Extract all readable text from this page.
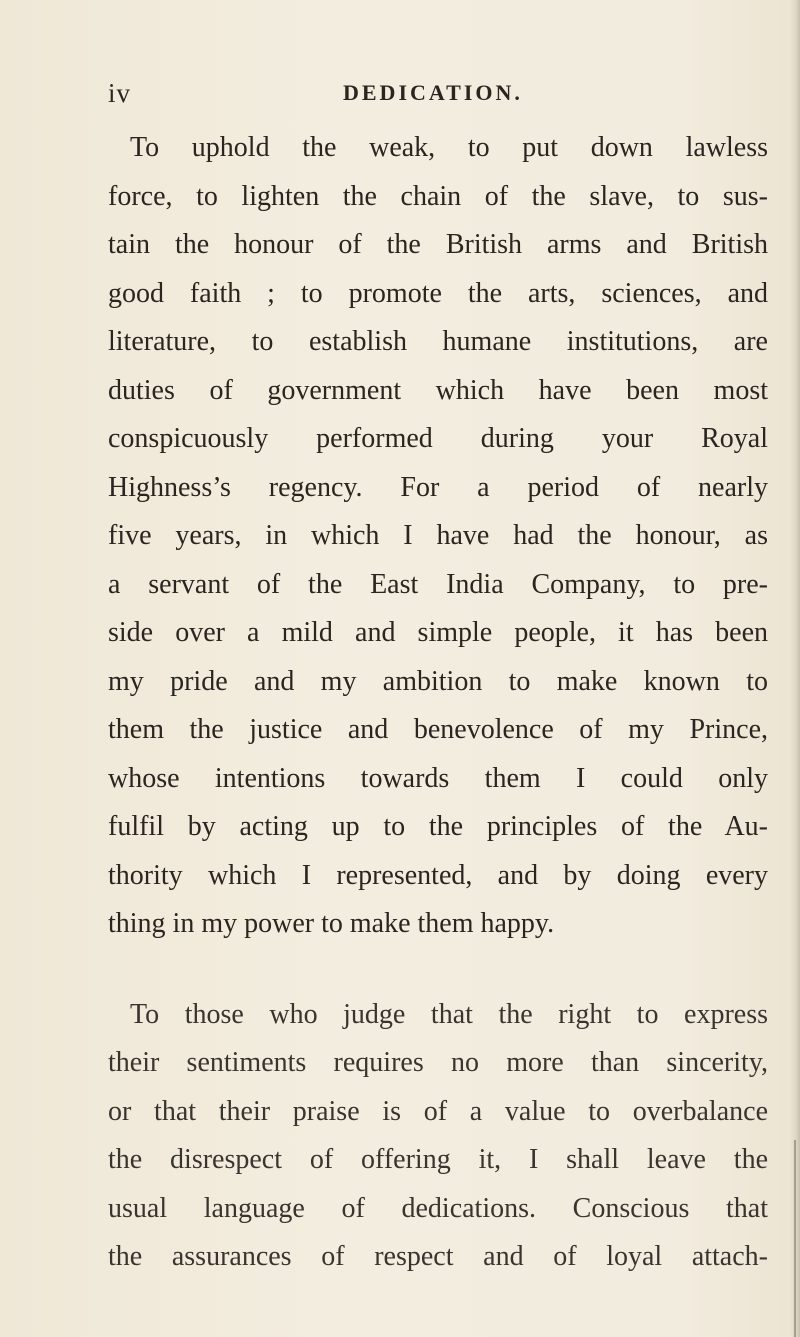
iv	DEDICATION.
To uphold the weak, to put down lawless
force, to lighten the chain of the slave, to sus-
tain the honour of the British arms and British
good faith ; to promote the arts, sciences, and
literature, to establish humane institutions, are
duties of government which have been most
conspicuously performed during your Royal
Highness’s regency. For a period of nearly
five years, in which I have had the honour, as
a servant of the East India Company, to pre-
side over a mild and simple people, it has been
my pride and my ambition to make known to
them the justice and benevolence of my Prince,
whose intentions towards them I could only
fulfil by acting up to the principles of the Au-
thority which I represented, and by doing every
thing in my power to make them happy.
To those who judge that the right to express
their sentiments requires no more than sincerity,
or that their praise is of a value to overbalance
the disrespect of offering it, I shall leave the
usual language of dedications. Conscious that
the assurances of respect and of loyal attach-
